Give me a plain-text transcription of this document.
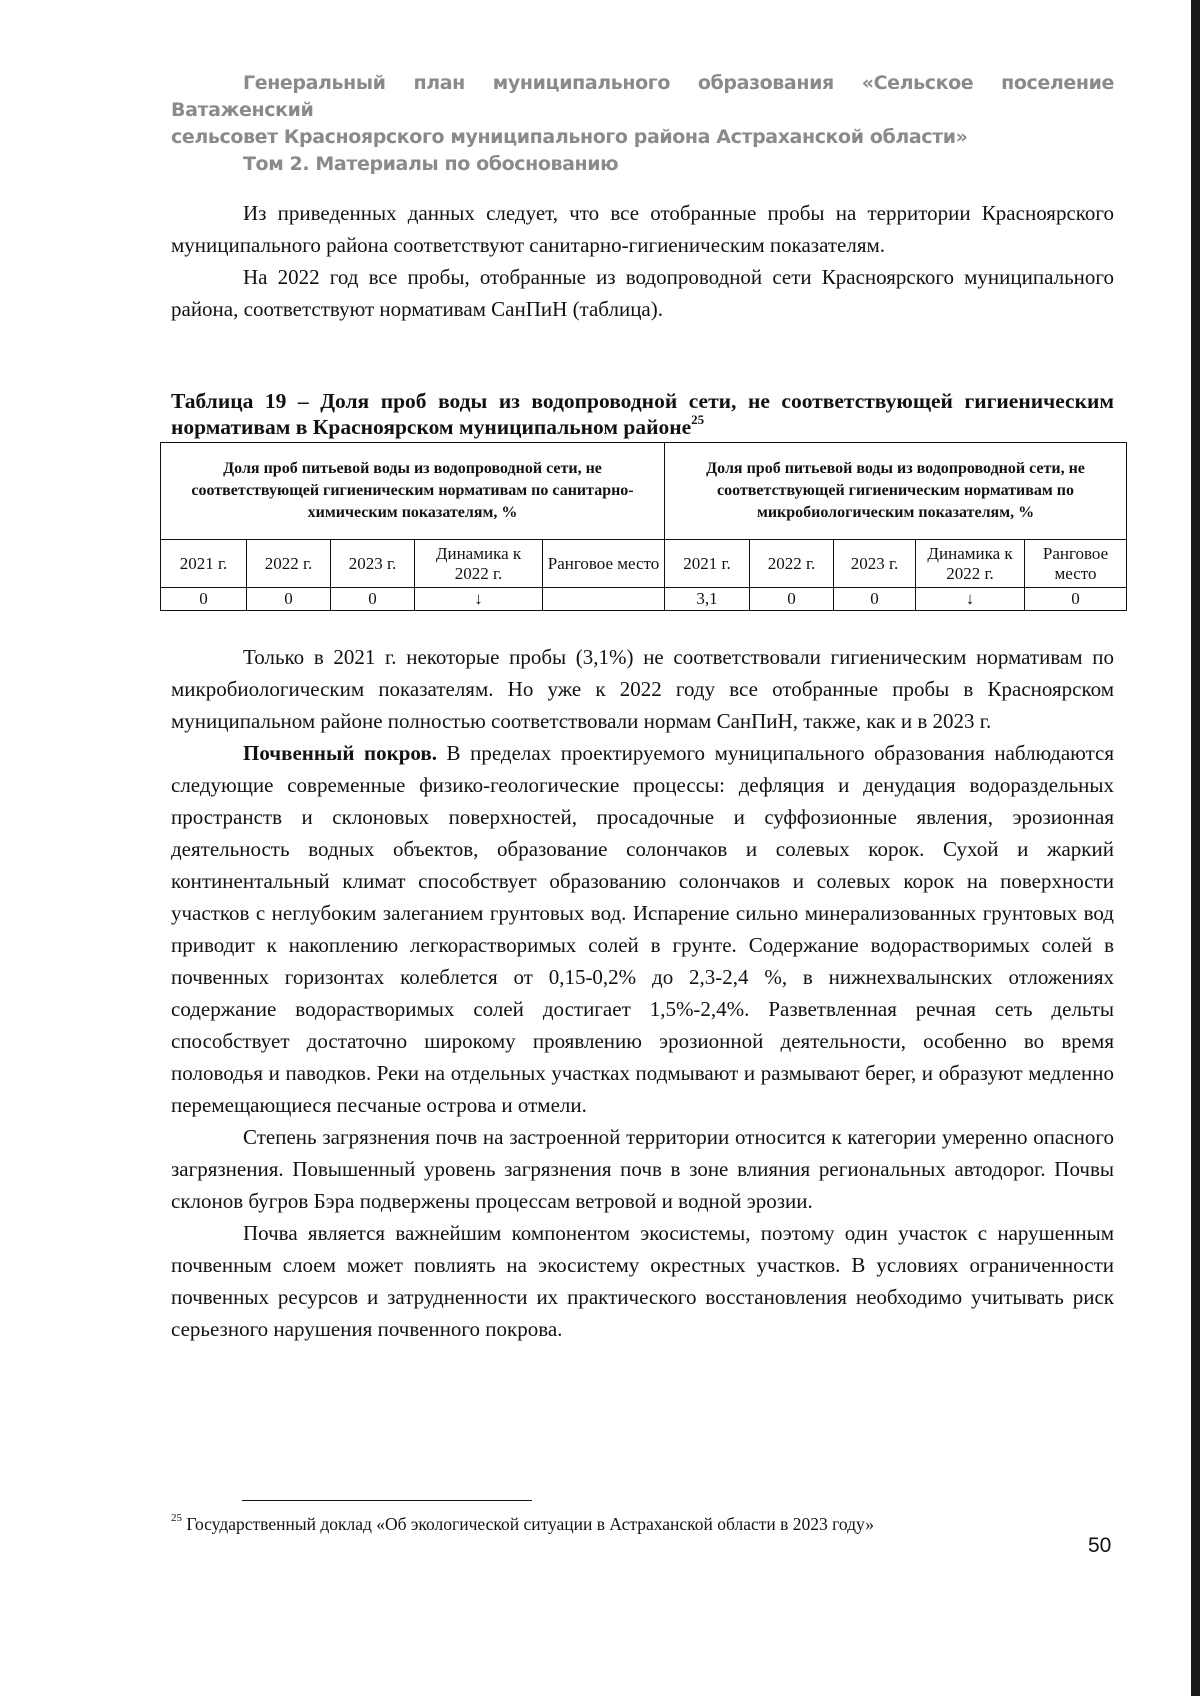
Генеральный план муниципального образования «Сельское поселение Ватаженский
сельсовет Красноярского муниципального района Астраханской области»
Том 2. Материалы по обоснованию

Из приведенных данных следует, что все отобранные пробы на территории Красноярского муниципального района соответствуют санитарно-гигиеническим показателям.

На 2022 год все пробы, отобранные из водопроводной сети Красноярского муниципального района, соответствуют нормативам СанПиН (таблица).

Таблица 19 – Доля проб воды из водопроводной сети, не соответствующей гигиеническим нормативам в Красноярском муниципальном районе$^{25}$
Доля проб питьевой воды из водопроводной сети, не соответствующей гигиеническим нормативам по санитарно-химическим показателям, %					Доля проб питьевой воды из водопроводной сети, не соответствующей гигиеническим нормативам по микробиологическим показателям, %				
2021 г.	2022 г.	2023 г.	Динамика к 2022 г.	Ранговое место	2021 г.	2022 г.	2023 г.	Динамика к 2022 г.	Ранговое место
0	0	0	↓		3,1	0	0	↓	0

Только в 2021 г. некоторые пробы (3,1%) не соответствовали гигиеническим нормативам по микробиологическим показателям. Но уже к 2022 году все отобранные пробы в Красноярском муниципальном районе полностью соответствовали нормам СанПиН, также, как и в 2023 г.

Почвенный покров. В пределах проектируемого муниципального образования наблюдаются следующие современные физико-геологические процессы: дефляция и денудация водораздельных пространств и склоновых поверхностей, просадочные и суффозионные явления, эрозионная деятельность водных объектов, образование солончаков и солевых корок. Сухой и жаркий континентальный климат способствует образованию солончаков и солевых корок на поверхности участков с неглубоким залеганием грунтовых вод. Испарение сильно минерализованных грунтовых вод приводит к накоплению легкорастворимых солей в грунте. Содержание водорастворимых солей в почвенных горизонтах колеблется от 0,15-0,2% до 2,3-2,4 %, в нижнехвалынских отложениях содержание водорастворимых солей достигает 1,5%-2,4%. Разветвленная речная сеть дельты способствует достаточно широкому проявлению эрозионной деятельности, особенно во время половодья и паводков. Реки на отдельных участках подмывают и размывают берег, и образуют медленно перемещающиеся песчаные острова и отмели.

Степень загрязнения почв на застроенной территории относится к категории умеренно опасного загрязнения. Повышенный уровень загрязнения почв в зоне влияния региональных автодорог. Почвы склонов бугров Бэра подвержены процессам ветровой и водной эрозии.

Почва является важнейшим компонентом экосистемы, поэтому один участок с нарушенным почвенным слоем может повлиять на экосистему окрестных участков. В условиях ограниченности почвенных ресурсов и затрудненности их практического восстановления необходимо учитывать риск серьезного нарушения почвенного покрова.

$^{25}$ Государственный доклад «Об экологической ситуации в Астраханской области в 2023 году»
50
